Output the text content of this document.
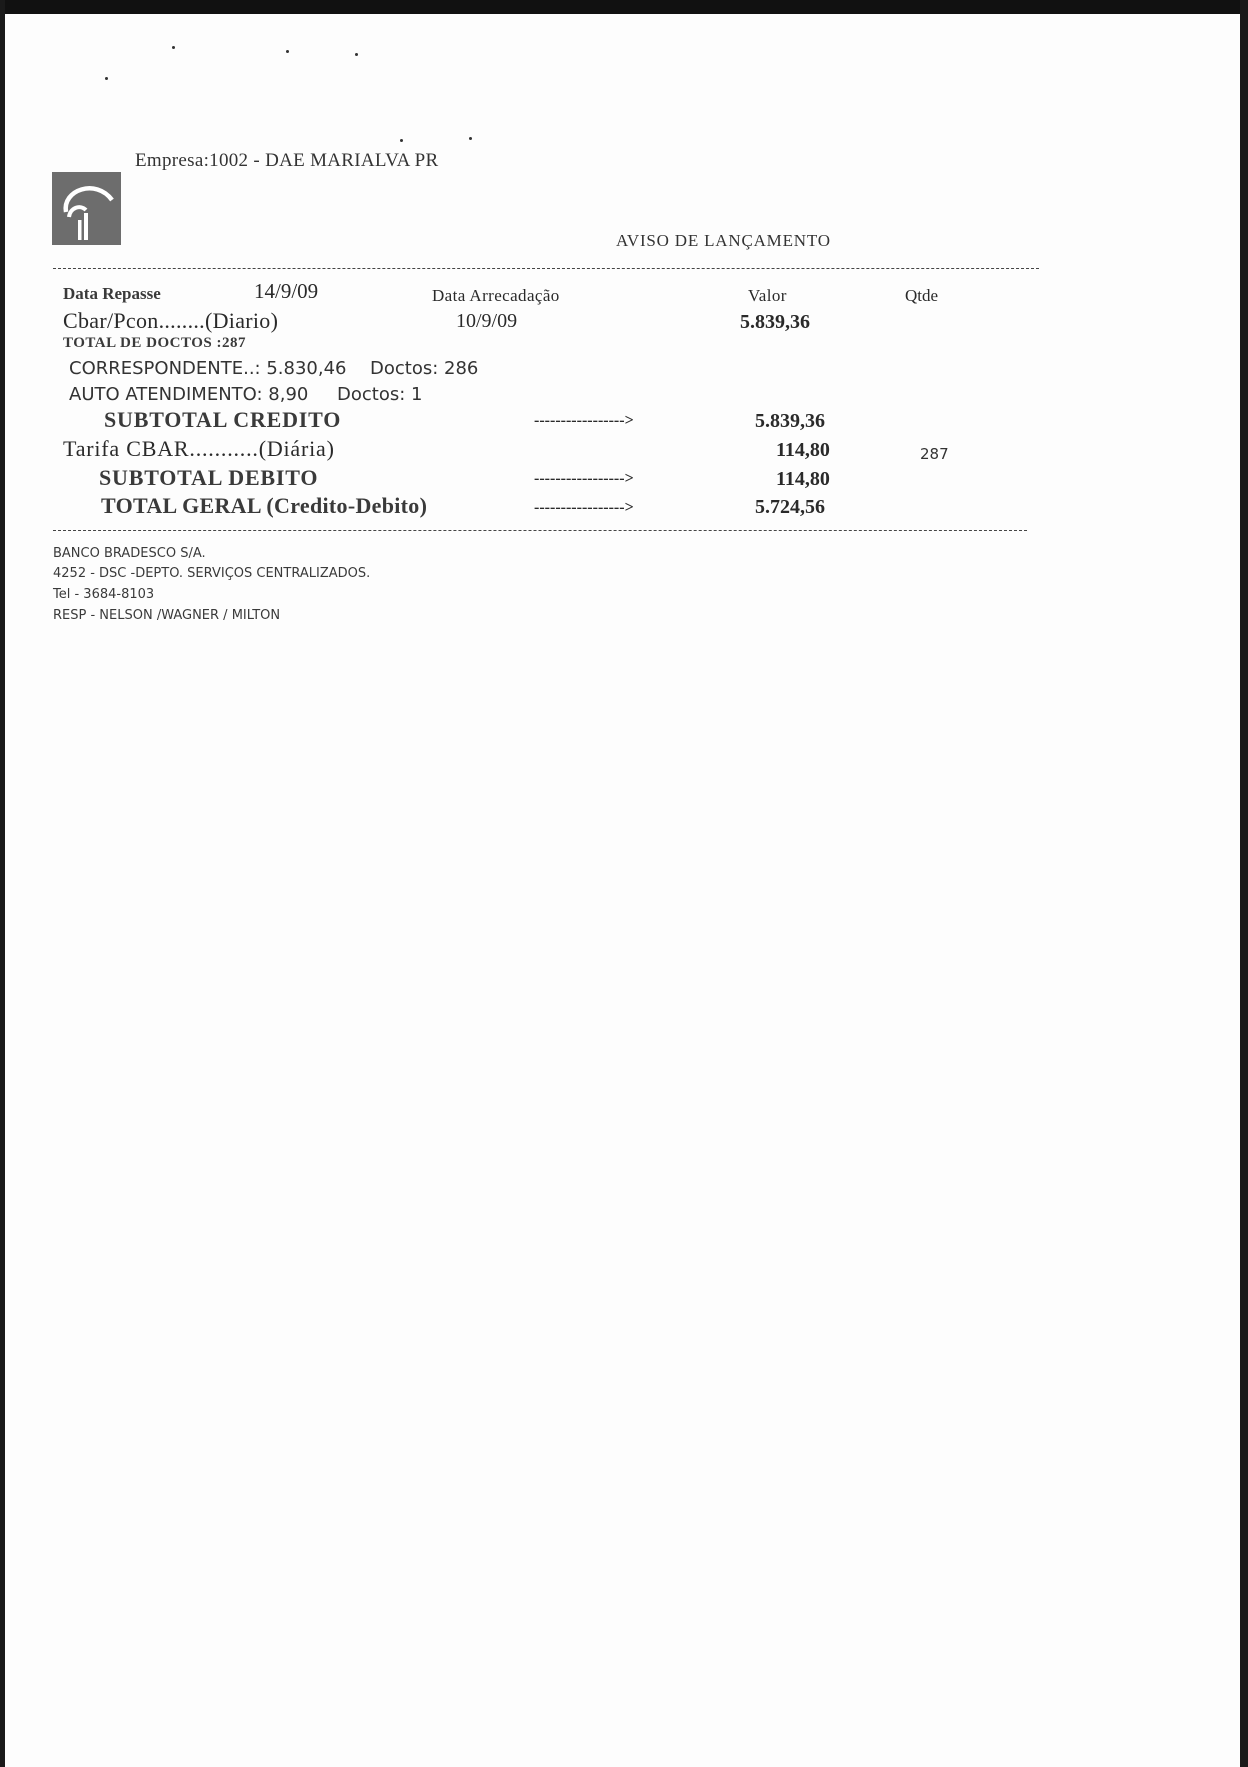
Empresa:1002 - DAE MARIALVA PR
AVISO DE LANÇAMENTO
Data Repasse	14/9/09	Data Arrecadação	Valor	Qtde
Cbar/Pcon........(Diario)	10/9/09	5.839,36
TOTAL DE DOCTOS :287
CORRESPONDENTE..: 5.830,46 Doctos: 286
AUTO ATENDIMENTO: 8,90 Doctos: 1
SUBTOTAL CREDITO	----------------->	5.839,36
Tarifa CBAR...........(Diária)	114,80	287
SUBTOTAL DEBITO	----------------->	114,80
TOTAL GERAL (Credito-Debito)	----------------->	5.724,56
BANCO BRADESCO S/A.
4252 - DSC -DEPTO. SERVIÇOS CENTRALIZADOS.
Tel - 3684-8103
RESP - NELSON /WAGNER / MILTON
